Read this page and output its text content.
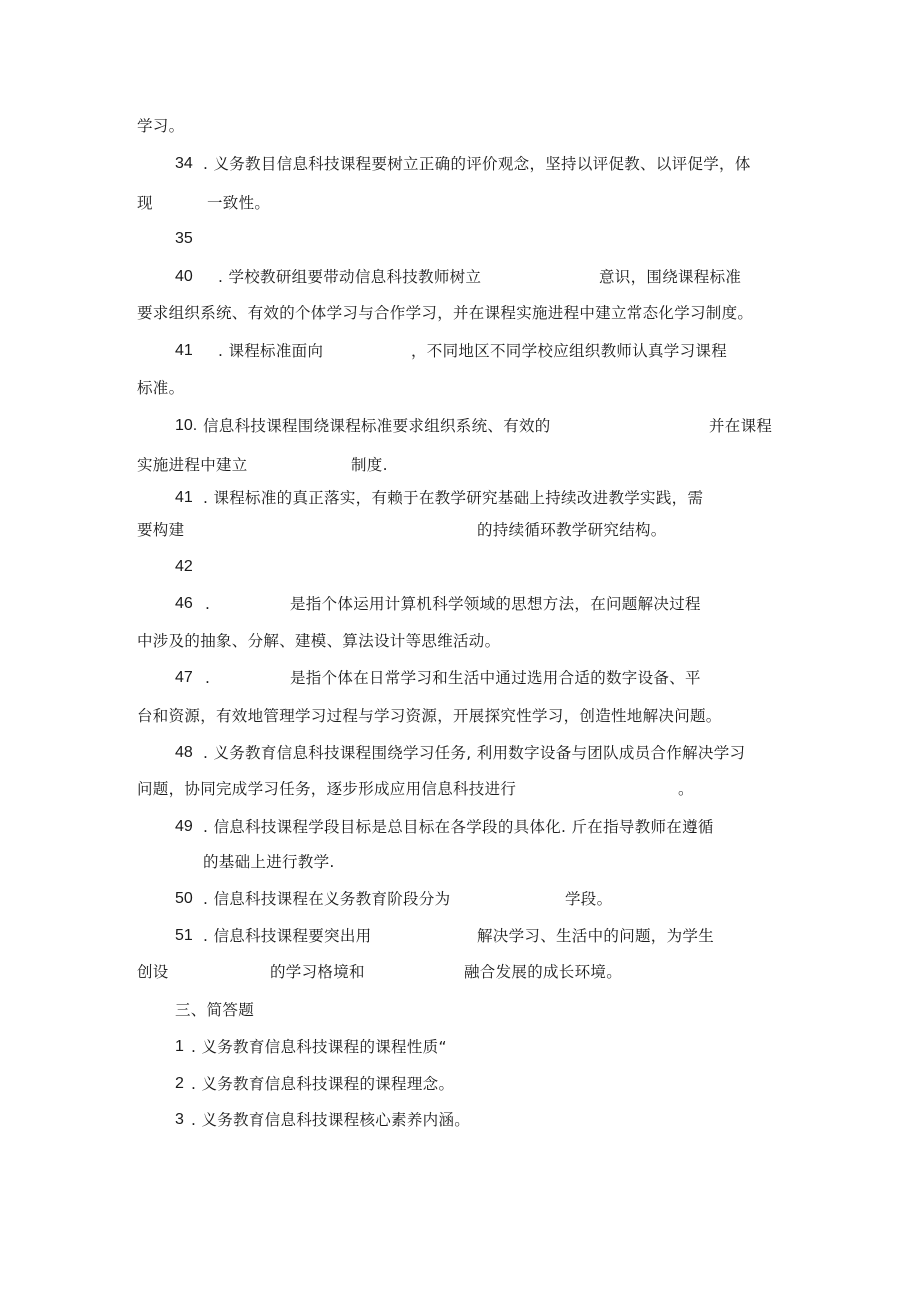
学习。
34 . 义务教目信息科技课程要树立正确的评价观念，坚持以评促教、以评促学，体
现	一致性。
35
40 . 学校教研组要带动信息科技教师树立	意识，围绕课程标准
要求组织系统、有效的个体学习与合作学习，并在课程实施进程中建立常态化学习制度。
41 . 课程标准面向	，不同地区不同学校应组织教师认真学习课程
标准。
10. 信息科技课程围绕课程标准要求组织系统、有效的	并在课程
实施进程中建立	制度.
41 . 课程标准的真正落实，有赖于在教学研究基础上持续改进教学实践，需
要构建	的持续循环教学研究结构。
42
46 .	是指个体运用计算机科学领域的思想方法，在问题解决过程
中涉及的抽象、分解、建模、算法设计等思维活动。
47 .	是指个体在日常学习和生活中通过选用合适的数字设备、平
台和资源，有效地管理学习过程与学习资源，开展探究性学习，创造性地解决问题。
48 . 义务教育信息科技课程围绕学习任务, 利用数字设备与团队成员合作解决学习
问题，协同完成学习任务，逐步形成应用信息科技进行	。
49 . 信息科技课程学段目标是总目标在各学段的具体化. 斤在指导教师在遵循
的基础上进行教学.
50 . 信息科技课程在义务教育阶段分为	学段。
51 . 信息科技课程要突出用	解决学习、生活中的问题，为学生
创设	的学习格境和	融合发展的成长环境。
三、简答题
1 . 义务教育信息科技课程的课程性质“
2 . 义务教育信息科技课程的课程理念。
3 . 义务教育信息科技课程核心素养内涵。
